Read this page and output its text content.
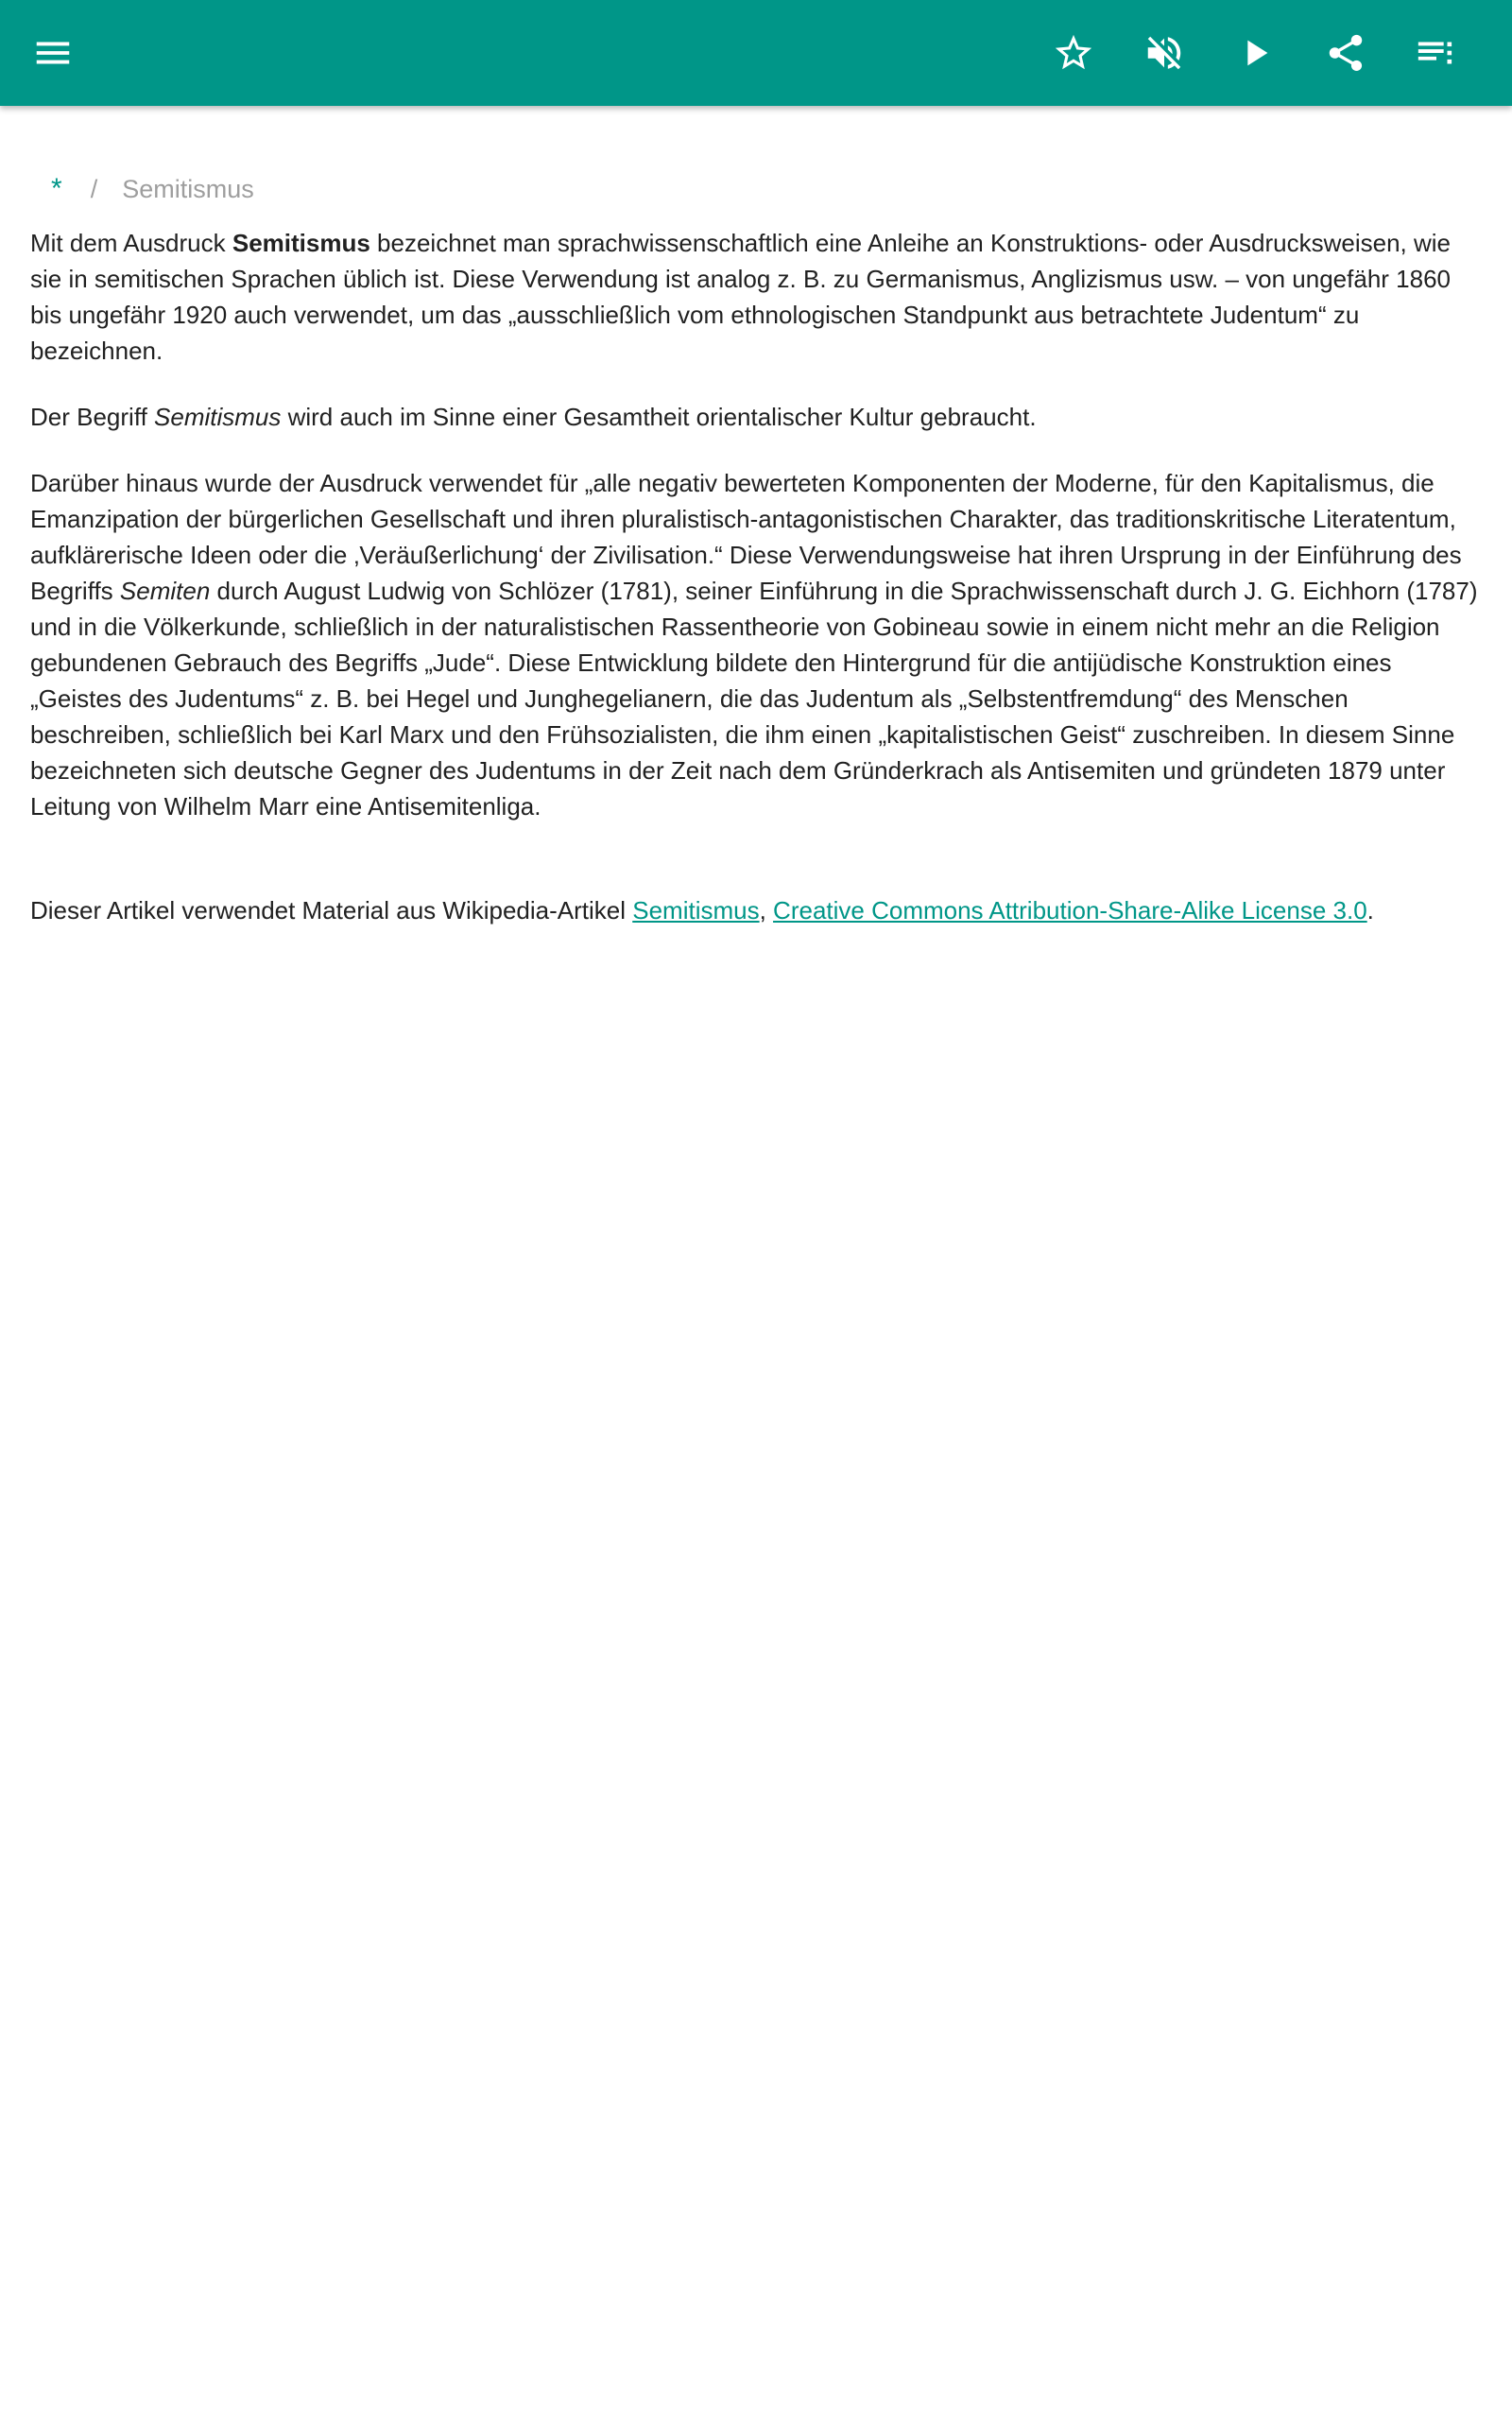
* / Semitismus

Mit dem Ausdruck Semitismus bezeichnet man sprachwissenschaftlich eine Anleihe an Konstruktions- oder Ausdrucksweisen, wie sie in semitischen Sprachen üblich ist. Diese Verwendung ist analog z. B. zu Germanismus, Anglizismus usw. – von ungefähr 1860 bis ungefähr 1920 auch verwendet, um das „ausschließlich vom ethnologischen Standpunkt aus betrachtete Judentum“ zu bezeichnen.

Der Begriff Semitismus wird auch im Sinne einer Gesamtheit orientalischer Kultur gebraucht.

Darüber hinaus wurde der Ausdruck verwendet für „alle negativ bewerteten Komponenten der Moderne, für den Kapitalismus, die Emanzipation der bürgerlichen Gesellschaft und ihren pluralistisch-antagonistischen Charakter, das traditionskritische Literatentum, aufklärerische Ideen oder die ‚Veräußerlichung‘ der Zivilisation.“ Diese Verwendungsweise hat ihren Ursprung in der Einführung des Begriffs Semiten durch August Ludwig von Schlözer (1781), seiner Einführung in die Sprachwissenschaft durch J. G. Eichhorn (1787) und in die Völkerkunde, schließlich in der naturalistischen Rassentheorie von Gobineau sowie in einem nicht mehr an die Religion gebundenen Gebrauch des Begriffs „Jude“. Diese Entwicklung bildete den Hintergrund für die antijüdische Konstruktion eines „Geistes des Judentums“ z. B. bei Hegel und Junghegelianern, die das Judentum als „Selbstentfremdung“ des Menschen beschreiben, schließlich bei Karl Marx und den Frühsozialisten, die ihm einen „kapitalistischen Geist“ zuschreiben. In diesem Sinne bezeichneten sich deutsche Gegner des Judentums in der Zeit nach dem Gründerkrach als Antisemiten und gründeten 1879 unter Leitung von Wilhelm Marr eine Antisemitenliga.

Dieser Artikel verwendet Material aus Wikipedia-Artikel Semitismus, Creative Commons Attribution-Share-Alike License 3.0.
